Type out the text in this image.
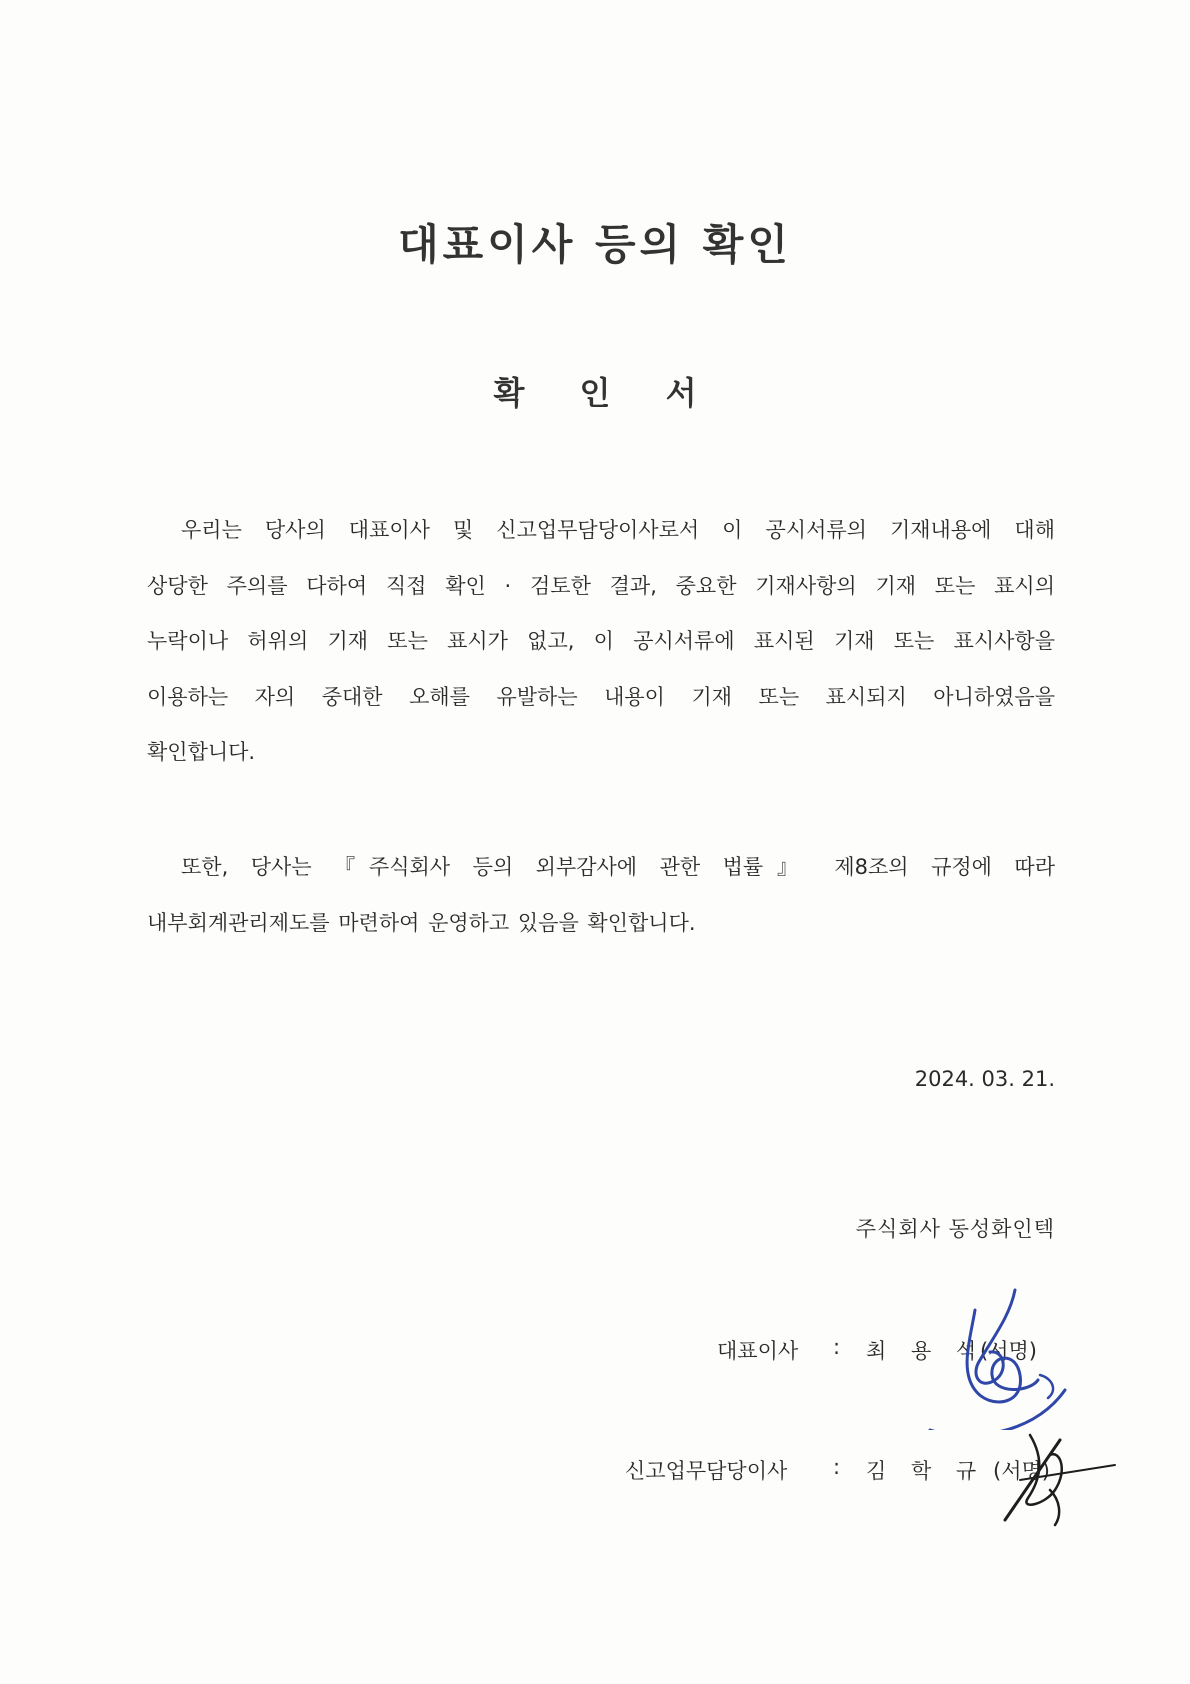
대표이사 등의 확인
확 인 서
우리는 당사의 대표이사 및 신고업무담당이사로서 이 공시서류의 기재내용에 대해
상당한 주의를 다하여 직접 확인 · 검토한 결과, 중요한 기재사항의 기재 또는 표시의
누락이나 허위의 기재 또는 표시가 없고, 이 공시서류에 표시된 기재 또는 표시사항을
이용하는 자의 중대한 오해를 유발하는 내용이 기재 또는 표시되지 아니하였음을
확인합니다.
또한, 당사는 『주식회사 등의 외부감사에 관한 법률』 제8조의 규정에 따라
내부회계관리제도를 마련하여 운영하고 있음을 확인합니다.

2024. 03. 21.

주식회사 동성화인텍

대표이사 : 최 용 석
(서명)
신고업무담당이사 : 김 학 규 (서명)
